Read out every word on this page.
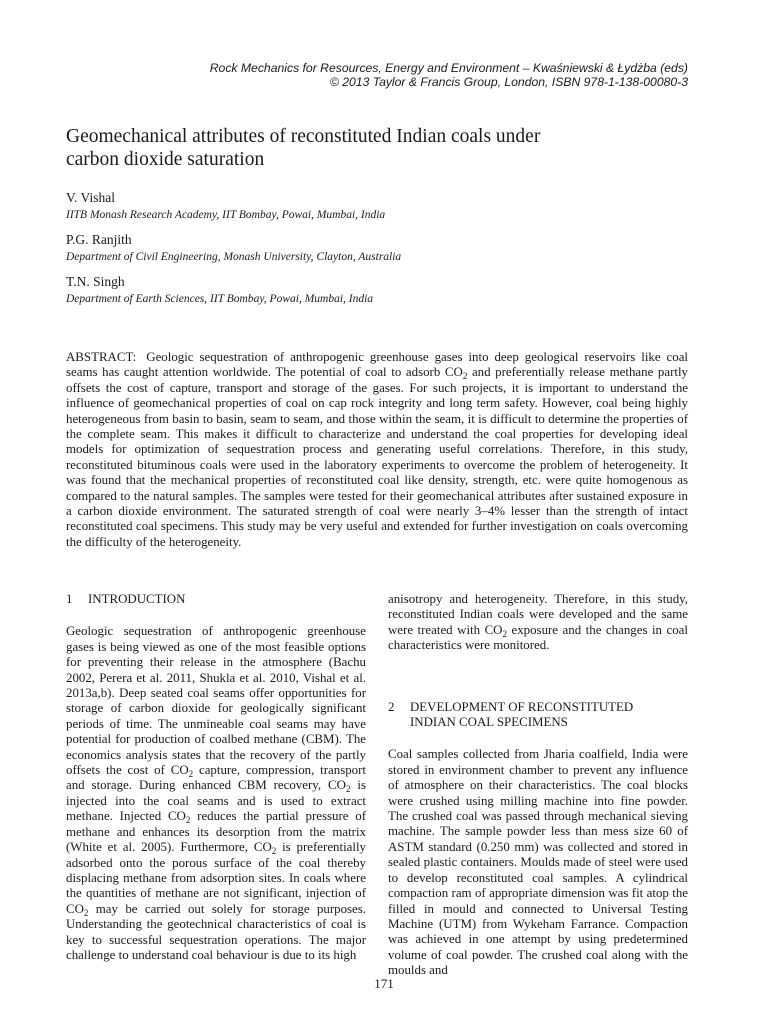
Rock Mechanics for Resources, Energy and Environment – Kwaśniewski & Łydżba (eds)
© 2013 Taylor & Francis Group, London, ISBN 978-1-138-00080-3
Geomechanical attributes of reconstituted Indian coals under
carbon dioxide saturation
V. Vishal
IITB Monash Research Academy, IIT Bombay, Powai, Mumbai, India
P.G. Ranjith
Department of Civil Engineering, Monash University, Clayton, Australia
T.N. Singh
Department of Earth Sciences, IIT Bombay, Powai, Mumbai, India
ABSTRACT: Geologic sequestration of anthropogenic greenhouse gases into deep geological reservoirs like coal seams has caught attention worldwide. The potential of coal to adsorb $CO_2$ and preferentially release methane partly offsets the cost of capture, transport and storage of the gases. For such projects, it is important to understand the influence of geomechanical properties of coal on cap rock integrity and long term safety. However, coal being highly heterogeneous from basin to basin, seam to seam, and those within the seam, it is difficult to determine the properties of the complete seam. This makes it difficult to characterize and understand the coal properties for developing ideal models for optimization of sequestration process and generating useful correlations. Therefore, in this study, reconstituted bituminous coals were used in the laboratory experiments to overcome the problem of heterogeneity. It was found that the mechanical properties of reconstituted coal like density, strength, etc. were quite homogenous as compared to the natural samples. The samples were tested for their geomechanical attributes after sustained exposure in a carbon dioxide environment. The saturated strength of coal were nearly 3–4% lesser than the strength of intact reconstituted coal specimens. This study may be very useful and extended for further investigation on coals overcoming the difficulty of the heterogeneity.
1 INTRODUCTION

Geologic sequestration of anthropogenic greenhouse gases is being viewed as one of the most feasible options for preventing their release in the atmosphere (Bachu 2002, Perera et al. 2011, Shukla et al. 2010, Vishal et al. 2013a,b). Deep seated coal seams offer opportunities for storage of carbon dioxide for geologically significant periods of time. The unmineable coal seams may have potential for production of coalbed methane (CBM). The economics analysis states that the recovery of the partly offsets the cost of $CO_2$ capture, compression, transport and storage. During enhanced CBM recovery, $CO_2$ is injected into the coal seams and is used to extract methane. Injected $CO_2$ reduces the partial pressure of methane and enhances its desorption from the matrix (White et al. 2005). Furthermore, $CO_2$ is preferentially adsorbed onto the porous surface of the coal thereby displacing methane from adsorption sites. In coals where the quantities of methane are not significant, injection of $CO_2$ may be carried out solely for storage purposes. Understanding the geotechnical characteristics of coal is key to successful sequestration operations. The major challenge to understand coal behaviour is due to its high

anisotropy and heterogeneity. Therefore, in this study, reconstituted Indian coals were developed and the same were treated with $CO_2$ exposure and the changes in coal characteristics were monitored.

2 DEVELOPMENT OF RECONSTITUTED
INDIAN COAL SPECIMENS

Coal samples collected from Jharia coalfield, India were stored in environment chamber to prevent any influence of atmosphere on their characteristics. The coal blocks were crushed using milling machine into fine powder. The crushed coal was passed through mechanical sieving machine. The sample powder less than mess size 60 of ASTM standard (0.250 mm) was collected and stored in sealed plastic containers. Moulds made of steel were used to develop reconstituted coal samples. A cylindrical compaction ram of appropriate dimension was fit atop the filled in mould and connected to Universal Testing Machine (UTM) from Wykeham Farrance. Compaction was achieved in one attempt by using predetermined volume of coal powder. The crushed coal along with the moulds and

171
